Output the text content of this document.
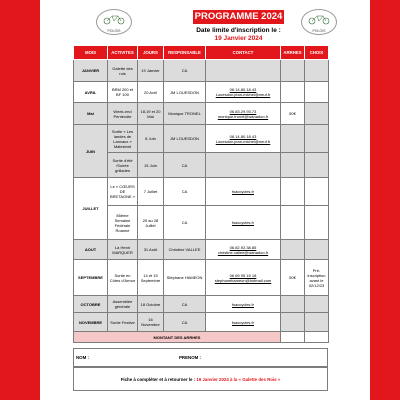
POLOIS	POLOIS
PROGRAMME 2024
Date limite d'inscription le :
19 Janvier 2024
MOIS	ACTIVITES	JOURS	RESPONSABLE	CONTACT	ARRHES	CHOIX
JANVIER	Galette des rois	19 Janvier	CA			
AVRIL	BRM 200 et BF 100	20 Avril	JM LOUESDON	06.14.80.18.43
Louesdon.jean-michel@neuf.fr		

Mai	Week-end Pentecôte	18,19 et 20 Mai	Monique TRONEL	06.83.29.93.73
monique.tronel@wanadoo.fr	50€	
JUIN	Sortie « Les landes de Lanvaux » Malestroit	8 Juin	JM LOUESDON	06.14.80.18.43
Louesdon.jean-michel@neuf.fr		

	Sortie d'été /Soirée grillades	15 Juin	CA			
JUILLET	Le « CŒURS DE BRETAGNE »	7 Juillet	CA	fsaccycles.fr		

	85ème Semaine Fédérale Roanne	20 au 28 Juillet	CA	fsaccycles.fr		

AOUT	La Henri MARQUER	31 Août	Christine VALLEE	06.82.92.38.85
christine.vallee@wanadoo.fr		

SEPTEMBRE	Sortie en Côtes d'Armor	14 et 15 Septembre	Stéphane HAMEON	06 69 95 15 18
stephanehameon@hotmail.com	50€	Pré-inscription avant le 02/12/23
OCTOBRE	Assemblée générale	18 Octobre	CA	fsaccycles.fr		

NOVEMBRE	Sortie Festive	16 Novembre	CA	fsaccycles.fr		

MONTANT DES ARRHES						
NOM :	PRENOM :
Fiche à compléter et à retourner le : 19 Janvier 2024 à la « Galette des Rois »
